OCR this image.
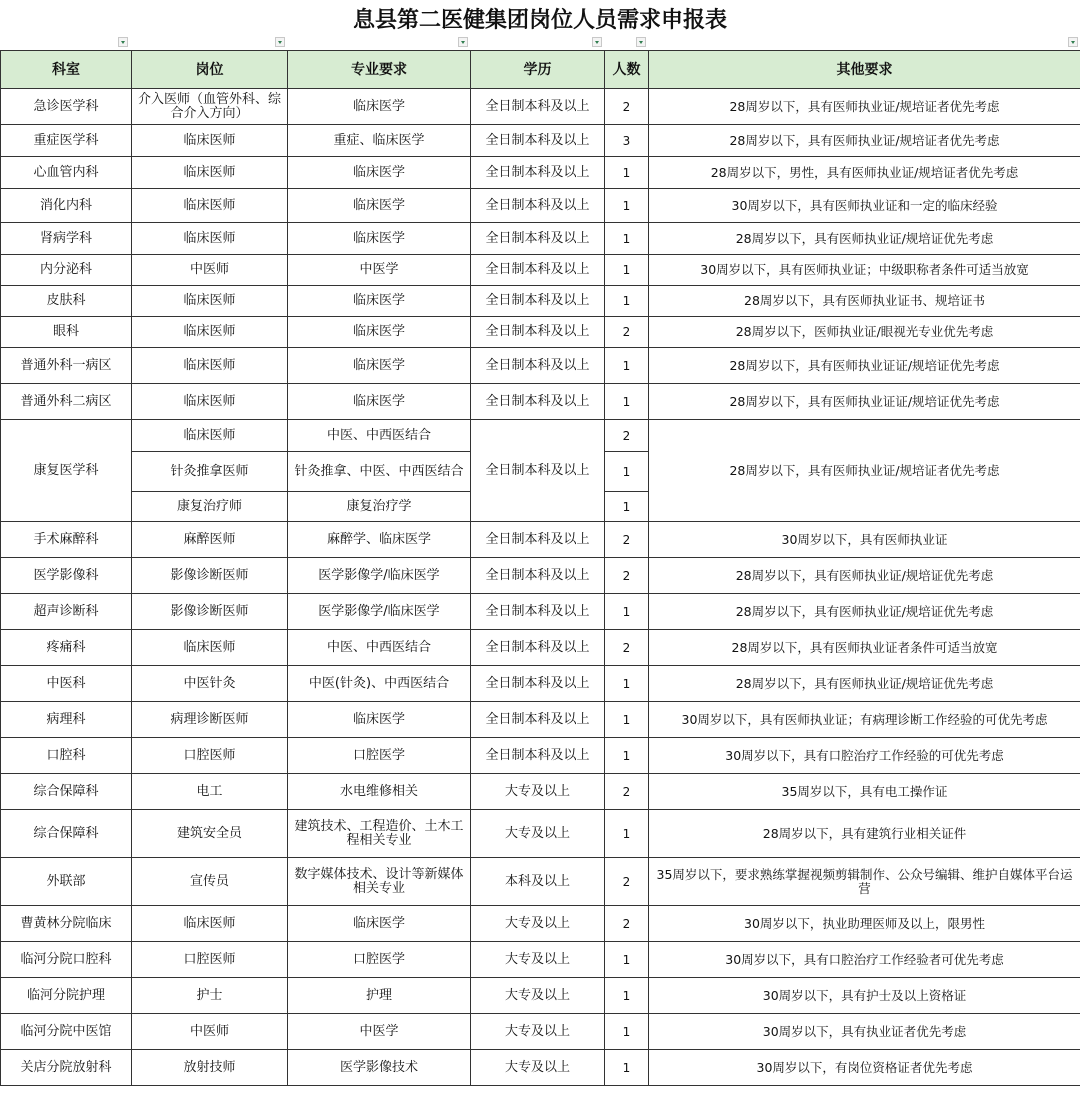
息县第二医健集团岗位人员需求申报表
科室	岗位	专业要求	学历	人数	其他要求
急诊医学科	介入医师（血管外科、综合介入方向）	临床医学	全日制本科及以上	2	28周岁以下，具有医师执业证/规培证者优先考虑
重症医学科	临床医师	重症、临床医学	全日制本科及以上	3	28周岁以下，具有医师执业证/规培证者优先考虑
心血管内科	临床医师	临床医学	全日制本科及以上	1	28周岁以下，男性，具有医师执业证/规培证者优先考虑
消化内科	临床医师	临床医学	全日制本科及以上	1	30周岁以下，具有医师执业证和一定的临床经验
肾病学科	临床医师	临床医学	全日制本科及以上	1	28周岁以下，具有医师执业证/规培证优先考虑
内分泌科	中医师	中医学	全日制本科及以上	1	30周岁以下，具有医师执业证；中级职称者条件可适当放宽
皮肤科	临床医师	临床医学	全日制本科及以上	1	28周岁以下，具有医师执业证书、规培证书
眼科	临床医师	临床医学	全日制本科及以上	2	28周岁以下，医师执业证/眼视光专业优先考虑
普通外科一病区	临床医师	临床医学	全日制本科及以上	1	28周岁以下，具有医师执业证证/规培证优先考虑
普通外科二病区	临床医师	临床医学	全日制本科及以上	1	28周岁以下，具有医师执业证证/规培证优先考虑
康复医学科	临床医师	中医、中西医结合	全日制本科及以上	2	28周岁以下，具有医师执业证/规培证者优先考虑
	针灸推拿医师	针灸推拿、中医、中西医结合		1	
	康复治疗师	康复治疗学		1	
手术麻醉科	麻醉医师	麻醉学、临床医学	全日制本科及以上	2	30周岁以下，具有医师执业证
医学影像科	影像诊断医师	医学影像学/临床医学	全日制本科及以上	2	28周岁以下，具有医师执业证/规培证优先考虑
超声诊断科	影像诊断医师	医学影像学/临床医学	全日制本科及以上	1	28周岁以下，具有医师执业证/规培证优先考虑
疼痛科	临床医师	中医、中西医结合	全日制本科及以上	2	28周岁以下，具有医师执业证者条件可适当放宽
中医科	中医针灸	中医(针灸)、中西医结合	全日制本科及以上	1	28周岁以下，具有医师执业证/规培证优先考虑
病理科	病理诊断医师	临床医学	全日制本科及以上	1	30周岁以下，具有医师执业证；有病理诊断工作经验的可优先考虑
口腔科	口腔医师	口腔医学	全日制本科及以上	1	30周岁以下，具有口腔治疗工作经验的可优先考虑
综合保障科	电工	水电维修相关	大专及以上	2	35周岁以下，具有电工操作证
综合保障科	建筑安全员	建筑技术、工程造价、土木工程相关专业	大专及以上	1	28周岁以下，具有建筑行业相关证件
外联部	宣传员	数字媒体技术、设计等新媒体相关专业	本科及以上	2	35周岁以下，要求熟练掌握视频剪辑制作、公众号编辑、维护自媒体平台运营
曹黄林分院临床	临床医师	临床医学	大专及以上	2	30周岁以下，执业助理医师及以上，限男性
临河分院口腔科	口腔医师	口腔医学	大专及以上	1	30周岁以下，具有口腔治疗工作经验者可优先考虑
临河分院护理	护士	护理	大专及以上	1	30周岁以下，具有护士及以上资格证
临河分院中医馆	中医师	中医学	大专及以上	1	30周岁以下，具有执业证者优先考虑
关店分院放射科	放射技师	医学影像技术	大专及以上	1	30周岁以下，有岗位资格证者优先考虑
